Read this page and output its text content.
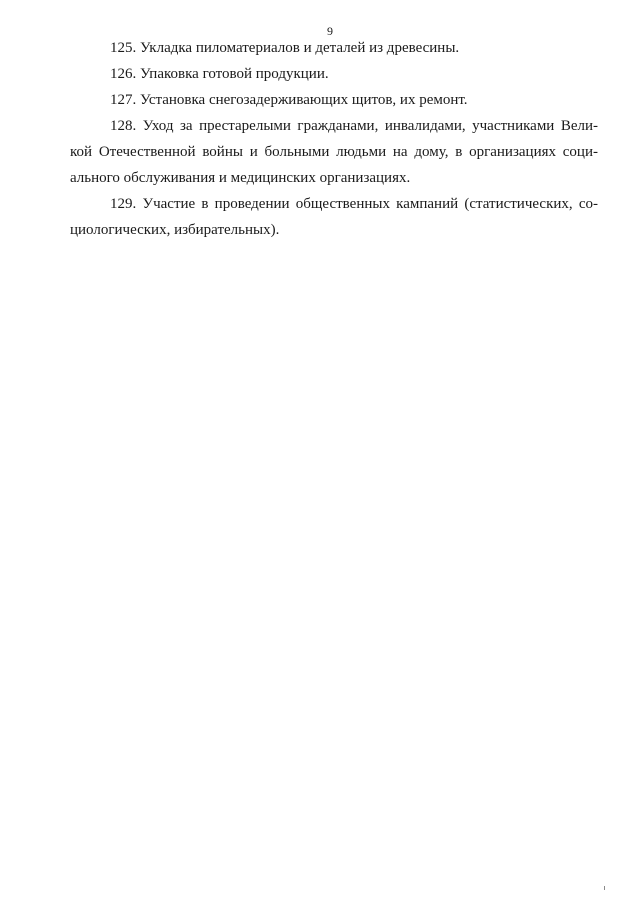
9

125. Укладка пиломатериалов и деталей из древесины.

126. Упаковка готовой продукции.

127. Установка снегозадерживающих щитов, их ремонт.

128. Уход за престарелыми гражданами, инвалидами, участниками Вели-
кой Отечественной войны и больными людьми на дому, в организациях соци-
ального обслуживания и медицинских организациях.

129. Участие в проведении общественных кампаний (статистических, со-
циологических, избирательных).
